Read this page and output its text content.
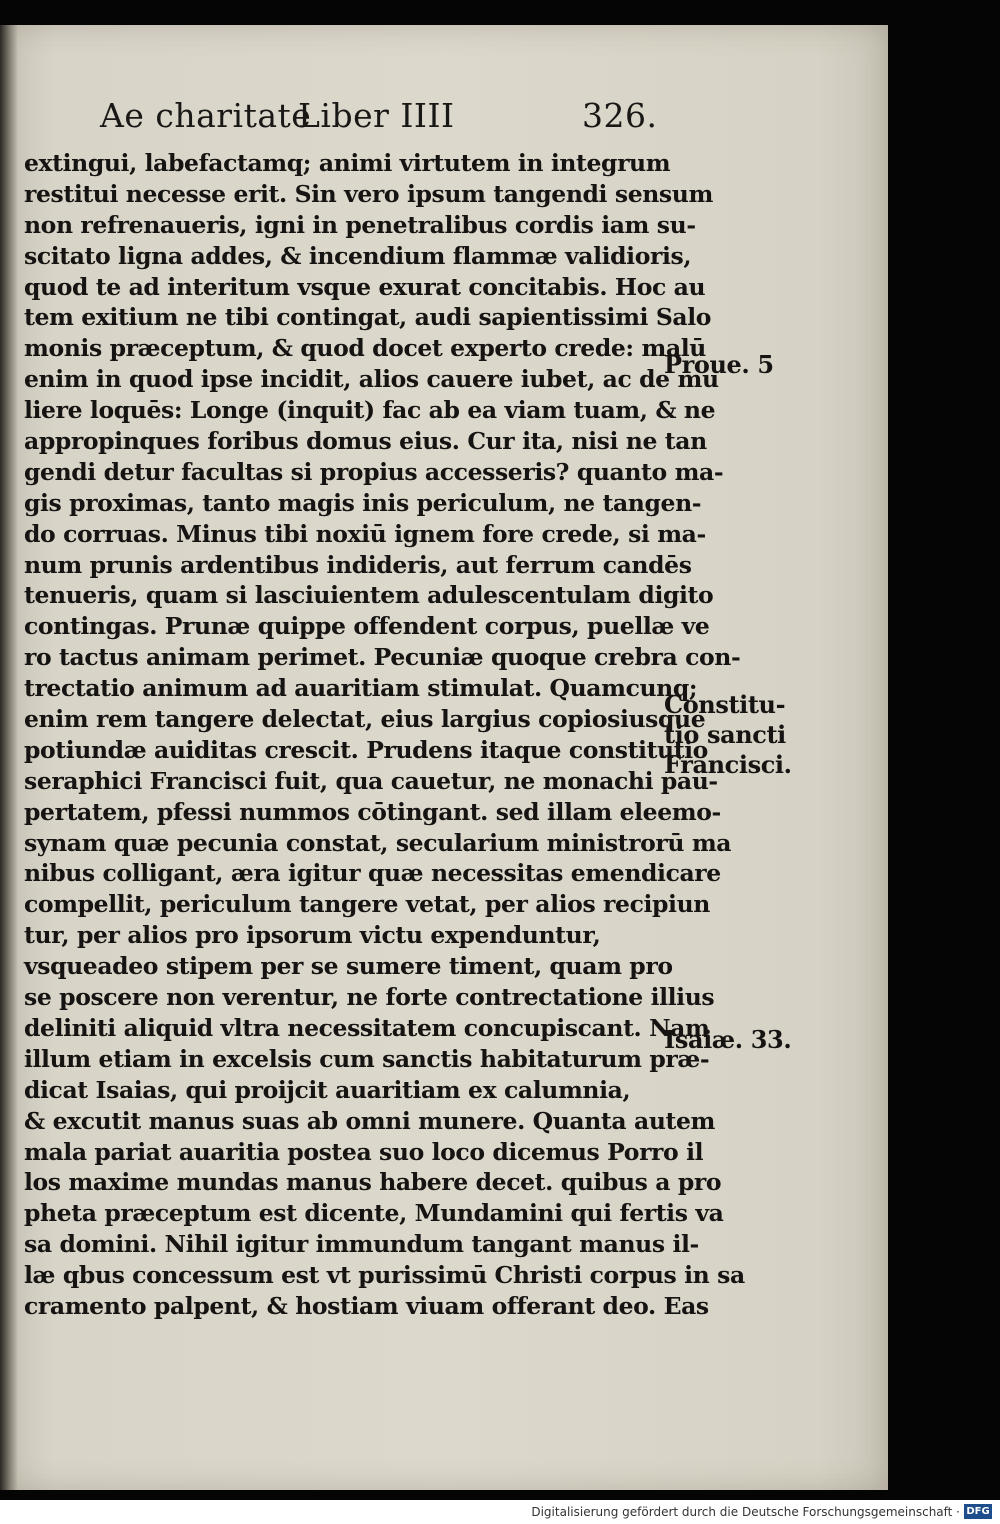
Ae charitate
Liber IIII	326.
extingui, labefactamq; animi virtutem in integrum
restitui necesse erit. Sin vero ipsum tangendi sensum
non refrenaueris, igni in penetralibus cordis iam su-
scitato ligna addes, & incendium flammæ validioris,
quod te ad interitum vsque exurat concitabis. Hoc au
tem exitium ne tibi contingat, audi sapientissimi Salo
monis præceptum, & quod docet experto crede: malū
enim in quod ipse incidit, alios cauere iubet, ac de mu
liere loquēs: Longe (inquit) fac ab ea viam tuam, & ne
appropinques foribus domus eius. Cur ita, nisi ne tan
gendi detur facultas si propius accesseris? quanto ma-
gis proximas, tanto magis inis periculum, ne tangen-
do corruas. Minus tibi noxiū ignem fore crede, si ma-
num prunis ardentibus indideris, aut ferrum candēs
tenueris, quam si lasciuientem adulescentulam digito
contingas. Prunæ quippe offendent corpus, puellæ ve
ro tactus animam perimet. Pecuniæ quoque crebra con-
trectatio animum ad auaritiam stimulat. Quamcunq;
enim rem tangere delectat, eius largius copiosiusque
potiundæ auiditas crescit. Prudens itaque constitutio
seraphici Francisci fuit, qua cauetur, ne monachi pau-
pertatem, pfessi nummos cōtingant. sed illam eleemo-
synam quæ pecunia constat, secularium ministrorū ma
nibus colligant, æra igitur quæ necessitas emendicare
compellit, periculum tangere vetat, per alios recipiun
tur, per alios pro ipsorum victu expenduntur,
vsqueadeo stipem per se sumere timent, quam pro
se poscere non verentur, ne forte contrectatione illius
deliniti aliquid vltra necessitatem concupiscant. Nam
illum etiam in excelsis cum sanctis habitaturum præ-
dicat Isaias, qui proijcit auaritiam ex calumnia,
& excutit manus suas ab omni munere. Quanta autem
mala pariat auaritia postea suo loco dicemus Porro il
los maxime mundas manus habere decet. quibus a pro
pheta præceptum est dicente, Mundamini qui fertis va
sa domini. Nihil igitur immundum tangant manus il-
læ qbus concessum est vt purissimū Christi corpus in sa
cramento palpent, & hostiam viuam offerant deo. Eas
Proue. 5
Constitu-
tio sancti
Francisci.
Isaiæ. 33.
Digitalisierung gefördert durch die Deutsche Forschungsgemeinschaft · DFG
